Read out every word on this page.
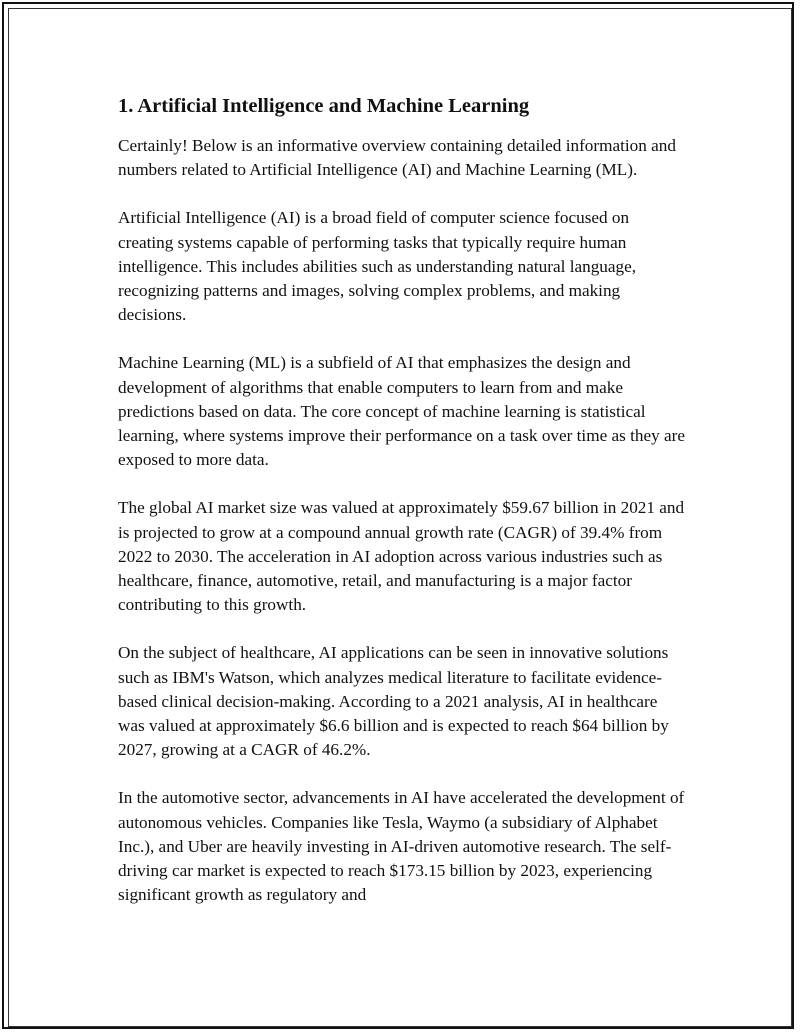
1. Artificial Intelligence and Machine Learning

Certainly! Below is an informative overview containing detailed information and numbers related to Artificial Intelligence (AI) and Machine Learning (ML).

Artificial Intelligence (AI) is a broad field of computer science focused on creating systems capable of performing tasks that typically require human intelligence. This includes abilities such as understanding natural language, recognizing patterns and images, solving complex problems, and making decisions.

Machine Learning (ML) is a subfield of AI that emphasizes the design and development of algorithms that enable computers to learn from and make predictions based on data. The core concept of machine learning is statistical learning, where systems improve their performance on a task over time as they are exposed to more data.

The global AI market size was valued at approximately $59.67 billion in 2021 and is projected to grow at a compound annual growth rate (CAGR) of 39.4% from 2022 to 2030. The acceleration in AI adoption across various industries such as healthcare, finance, automotive, retail, and manufacturing is a major factor contributing to this growth.

On the subject of healthcare, AI applications can be seen in innovative solutions such as IBM's Watson, which analyzes medical literature to facilitate evidence-based clinical decision-making. According to a 2021 analysis, AI in healthcare was valued at approximately $6.6 billion and is expected to reach $64 billion by 2027, growing at a CAGR of 46.2%.

In the automotive sector, advancements in AI have accelerated the development of autonomous vehicles. Companies like Tesla, Waymo (a subsidiary of Alphabet Inc.), and Uber are heavily investing in AI-driven automotive research. The self-driving car market is expected to reach $173.15 billion by 2023, experiencing significant growth as regulatory and
